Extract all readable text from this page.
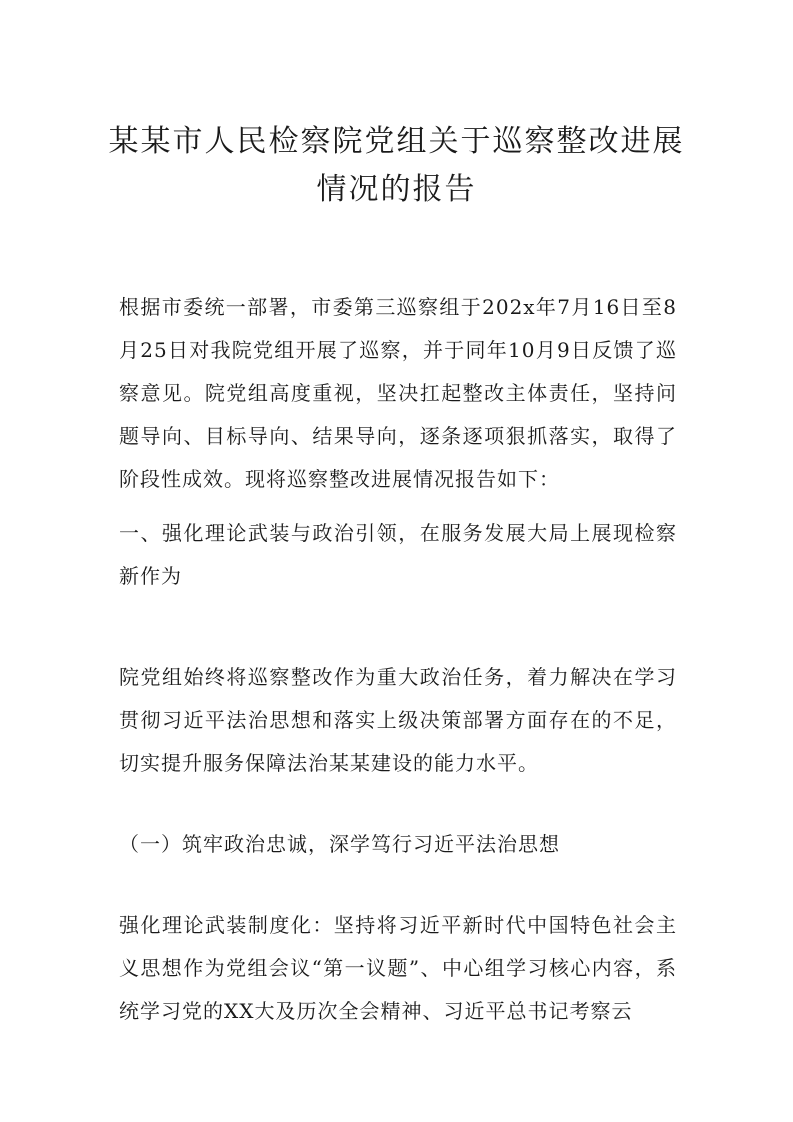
某某市人民检察院党组关于巡察整改进展
情况的报告

根据市委统一部署，市委第三巡察组于202x年7月16日至8月25日对我院党组开展了巡察，并于同年10月9日反馈了巡察意见。院党组高度重视，坚决扛起整改主体责任，坚持问题导向、目标导向、结果导向，逐条逐项狠抓落实，取得了阶段性成效。现将巡察整改进展情况报告如下：

一、强化理论武装与政治引领，在服务发展大局上展现检察新作为

院党组始终将巡察整改作为重大政治任务，着力解决在学习贯彻习近平法治思想和落实上级决策部署方面存在的不足，切实提升服务保障法治某某建设的能力水平。

（一）筑牢政治忠诚，深学笃行习近平法治思想

强化理论武装制度化：坚持将习近平新时代中国特色社会主义思想作为党组会议“第一议题”、中心组学习核心内容，系统学习党的XX大及历次全会精神、习近平总书记考察云
